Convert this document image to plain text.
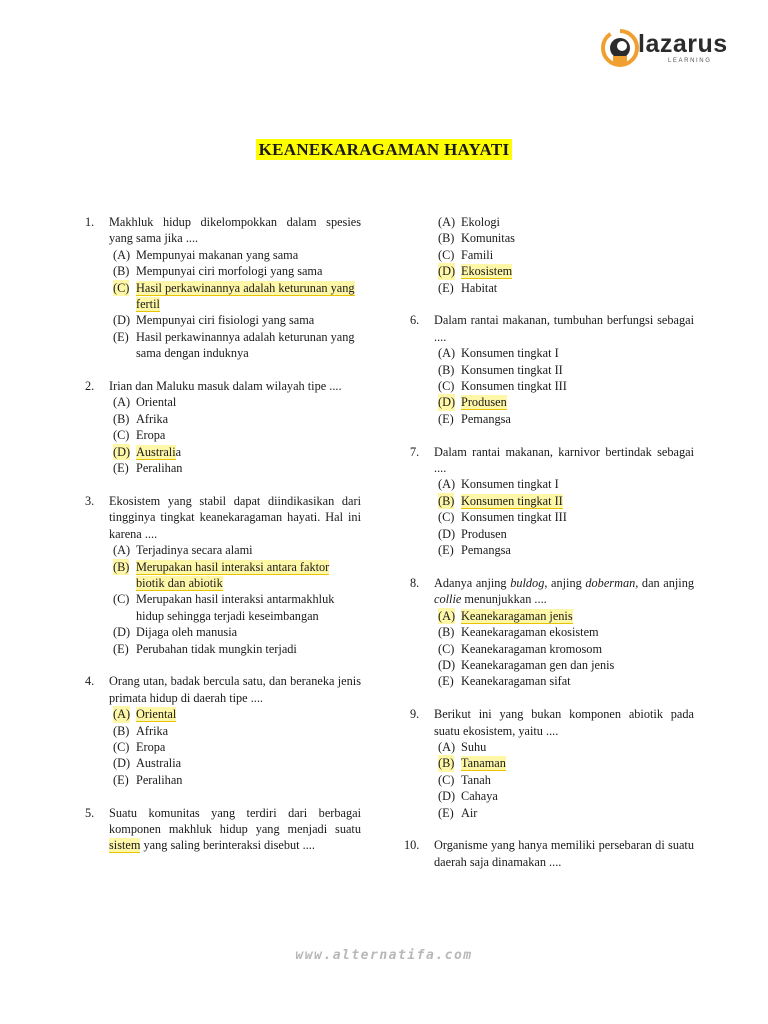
lazarus
LEARNING
KEANEKARAGAMAN HAYATI
1. Makhluk hidup dikelompokkan dalam spesies yang sama jika ....
(A) Mempunyai makanan yang sama
(B) Mempunyai ciri morfologi yang sama
(C) Hasil perkawinannya adalah keturunan yang fertil
(D) Mempunyai ciri fisiologi yang sama
(E) Hasil perkawinannya adalah keturunan yang sama dengan induknya
2. Irian dan Maluku masuk dalam wilayah tipe ....
(A) Oriental
(B) Afrika
(C) Eropa
(D) Australia
(E) Peralihan
3. Ekosistem yang stabil dapat diindikasikan dari tingginya tingkat keanekaragaman hayati. Hal ini karena ....
(A) Terjadinya secara alami
(B) Merupakan hasil interaksi antara faktor biotik dan abiotik
(C) Merupakan hasil interaksi antarmakhluk hidup sehingga terjadi keseimbangan
(D) Dijaga oleh manusia
(E) Perubahan tidak mungkin terjadi
4. Orang utan, badak bercula satu, dan beraneka jenis primata hidup di daerah tipe ....
(A) Oriental
(B) Afrika
(C) Eropa
(D) Australia
(E) Peralihan
5. Suatu komunitas yang terdiri dari berbagai komponen makhluk hidup yang menjadi suatu sistem yang saling berinteraksi disebut ....
(A) Ekologi
(B) Komunitas
(C) Famili
(D) Ekosistem
(E) Habitat
6. Dalam rantai makanan, tumbuhan berfungsi sebagai ....
(A) Konsumen tingkat I
(B) Konsumen tingkat II
(C) Konsumen tingkat III
(D) Produsen
(E) Pemangsa
7. Dalam rantai makanan, karnivor bertindak sebagai ....
(A) Konsumen tingkat I
(B) Konsumen tingkat II
(C) Konsumen tingkat III
(D) Produsen
(E) Pemangsa
8. Adanya anjing buldog, anjing doberman, dan anjing collie menunjukkan ....
(A) Keanekaragaman jenis
(B) Keanekaragaman ekosistem
(C) Keanekaragaman kromosom
(D) Keanekaragaman gen dan jenis
(E) Keanekaragaman sifat
9. Berikut ini yang bukan komponen abiotik pada suatu ekosistem, yaitu ....
(A) Suhu
(B) Tanaman
(C) Tanah
(D) Cahaya
(E) Air
10. Organisme yang hanya memiliki persebaran di suatu daerah saja dinamakan ....
www.alternatifa.com
